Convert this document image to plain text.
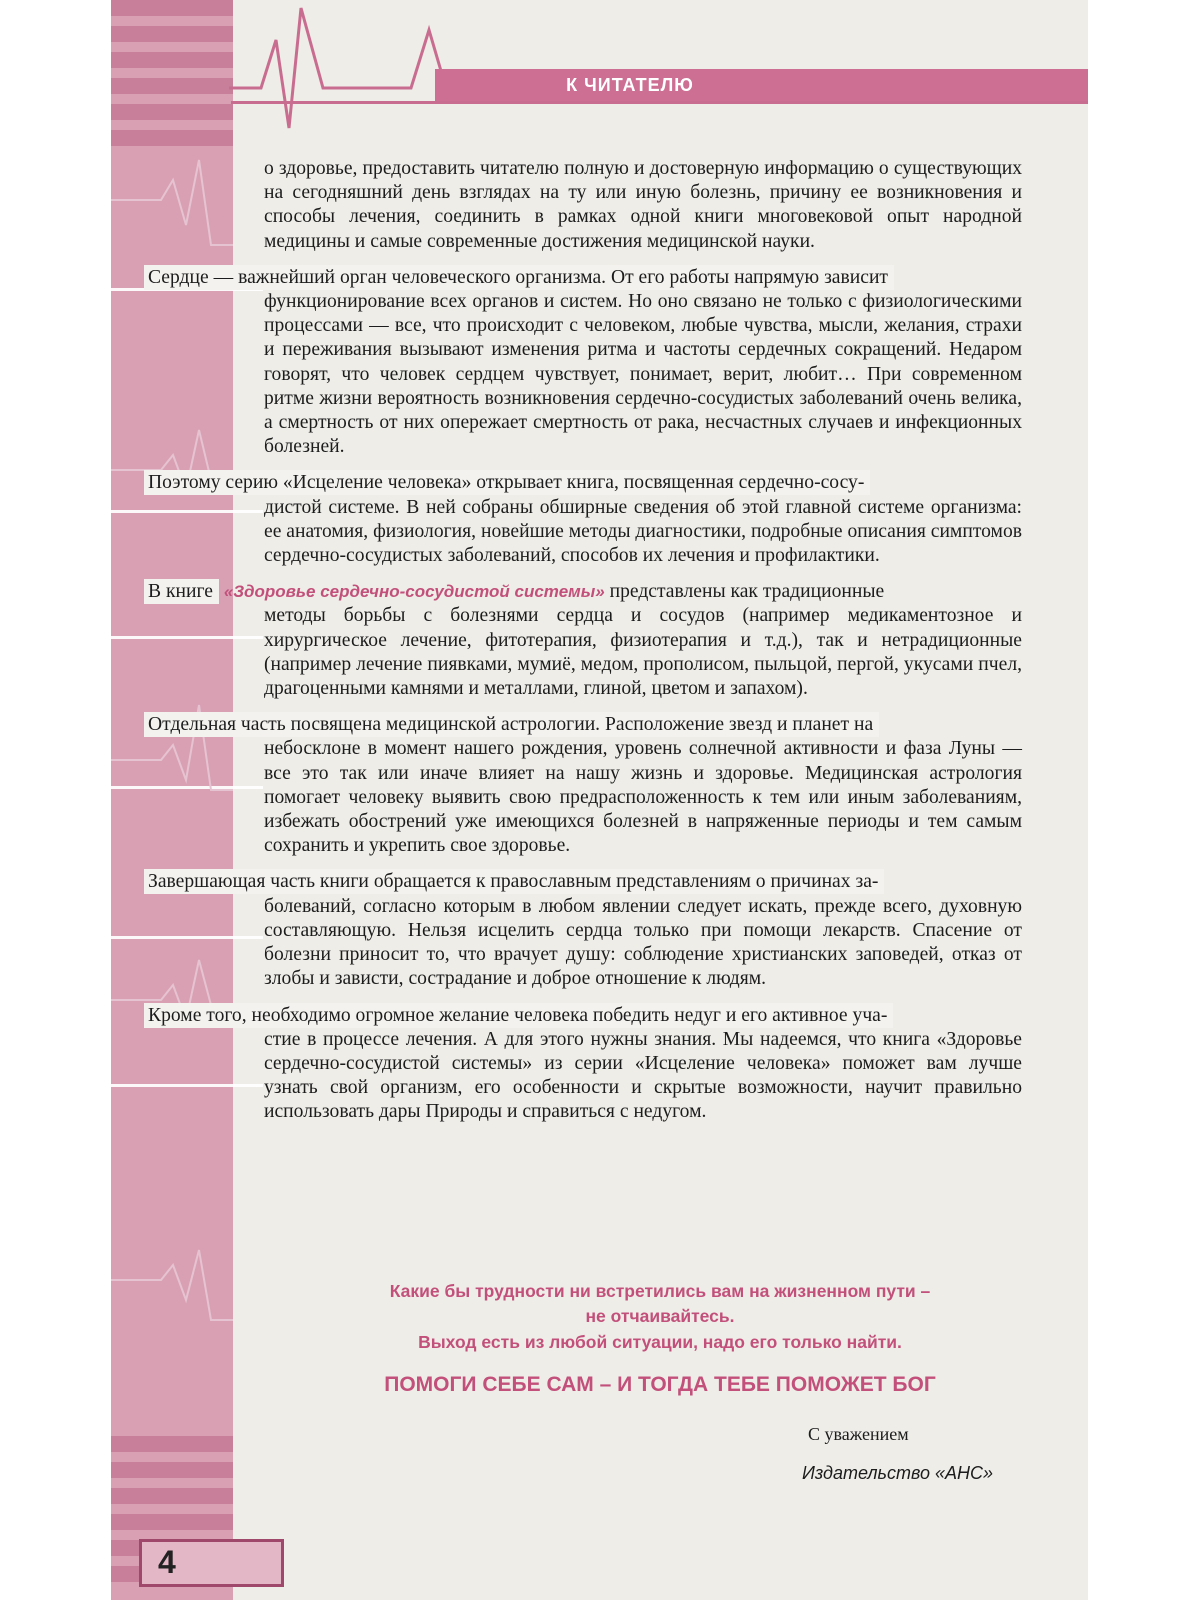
К ЧИТАТЕЛЮ

о здоровье, предоставить читателю полную и достоверную информацию о существующих на сегодняшний день взглядах на ту или иную болезнь, причину ее возникновения и способы лечения, соединить в рамках одной книги многовековой опыт народной медицины и самые современные достижения медицинской науки.

Сердце — важнейший орган человеческого организма. От его работы напрямую зависит
функционирование всех органов и систем. Но оно связано не только с физиологическими процессами — все, что происходит с человеком, любые чувства, мысли, желания, страхи и переживания вызывают изменения ритма и частоты сердечных сокращений. Недаром говорят, что человек сердцем чувствует, понимает, верит, любит… При современном ритме жизни вероятность возникновения сердечно-сосудистых заболеваний очень велика, а смертность от них опережает смертность от рака, несчастных случаев и инфекционных болезней.

Поэтому серию «Исцеление человека» открывает книга, посвященная сердечно-сосу-
дистой системе. В ней собраны обширные сведения об этой главной системе организма: ее анатомия, физиология, новейшие методы диагностики, подробные описания симптомов сердечно-сосудистых заболеваний, способов их лечения и профилактики.

В книге «Здоровье сердечно-сосудистой системы» представлены как традиционные
методы борьбы с болезнями сердца и сосудов (например медикаментозное и хирургическое лечение, фитотерапия, физиотерапия и т.д.), так и нетрадиционные (например лечение пиявками, мумиё, медом, прополисом, пыльцой, пергой, укусами пчел, драгоценными камнями и металлами, глиной, цветом и запахом).

Отдельная часть посвящена медицинской астрологии. Расположение звезд и планет на
небосклоне в момент нашего рождения, уровень солнечной активности и фаза Луны — все это так или иначе влияет на нашу жизнь и здоровье. Медицинская астрология помогает человеку выявить свою предрасположенность к тем или иным заболеваниям, избежать обострений уже имеющихся болезней в напряженные периоды и тем самым сохранить и укрепить свое здоровье.

Завершающая часть книги обращается к православным представлениям о причинах за-
болеваний, согласно которым в любом явлении следует искать, прежде всего, духовную составляющую. Нельзя исцелить сердца только при помощи лекарств. Спасение от болезни приносит то, что врачует душу: соблюдение христианских заповедей, отказ от злобы и зависти, сострадание и доброе отношение к людям.

Кроме того, необходимо огромное желание человека победить недуг и его активное уча-
стие в процессе лечения. А для этого нужны знания. Мы надеемся, что книга «Здоровье сердечно-сосудистой системы» из серии «Исцеление человека» поможет вам лучше узнать свой организм, его особенности и скрытые возможности, научит правильно использовать дары Природы и справиться с недугом.

Какие бы трудности ни встретились вам на жизненном пути –
не отчаивайтесь.
Выход есть из любой ситуации, надо его только найти.
ПОМОГИ СЕБЕ САМ – И ТОГДА ТЕБЕ ПОМОЖЕТ БОГ
С уважением
Издательство «АНС»
4
